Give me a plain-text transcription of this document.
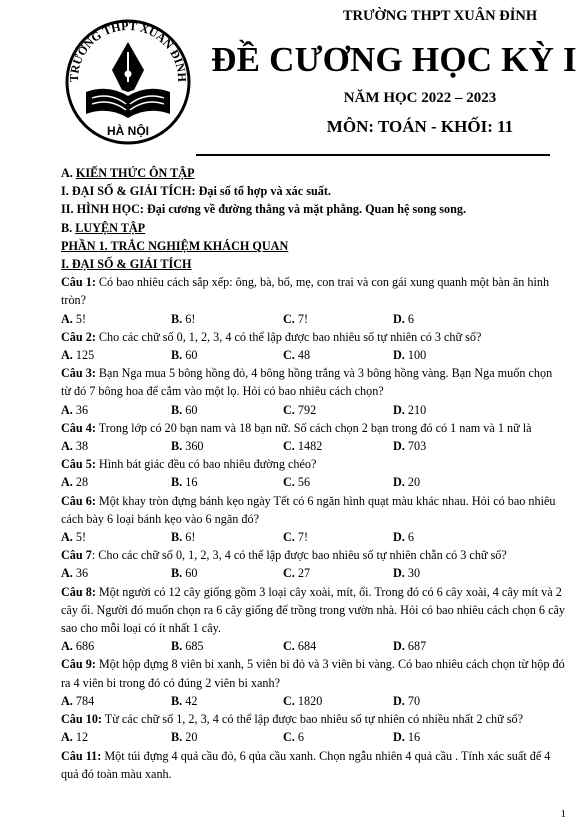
TRƯỜNG THPT XUÂN ĐỈNH
HÀ NỘI
TRƯỜNG THPT XUÂN ĐỈNH
ĐỀ CƯƠNG HỌC KỲ I
NĂM HỌC 2022 – 2023
MÔN: TOÁN - KHỐI: 11
A. KIẾN THỨC ÔN TẬP
I. ĐẠI SỐ & GIẢI TÍCH: Đại số tổ hợp và xác suất.
II. HÌNH HỌC: Đại cương về đường thẳng và mặt phẳng. Quan hệ song song.
B. LUYỆN TẬP
PHẦN 1. TRẮC NGHIỆM KHÁCH QUAN
I. ĐẠI SỐ & GIẢI TÍCH
Câu 1: Có bao nhiêu cách sắp xếp: ông, bà, bố, mẹ, con trai và con gái xung quanh một bàn ăn hình tròn?
A. 5!	B. 6!	C. 7!	D. 6
Câu 2: Cho các chữ số 0, 1, 2, 3, 4 có thể lập được bao nhiêu số tự nhiên có 3 chữ số?
A. 125	B. 60	C. 48	D. 100
Câu 3: Bạn Nga mua 5 bông hồng đỏ, 4 bông hồng trắng và 3 bông hồng vàng. Bạn Nga muốn chọn từ đó 7 bông hoa để cắm vào một lọ. Hỏi có bao nhiêu cách chọn?
A. 36	B. 60	C. 792	D. 210
Câu 4: Trong lớp có 20 bạn nam và 18 bạn nữ. Số cách chọn 2 bạn trong đó có 1 nam và 1 nữ là
A. 38	B. 360	C. 1482	D. 703
Câu 5: Hình bát giác đều có bao nhiêu đường chéo?
A. 28	B. 16	C. 56	D. 20
Câu 6: Một khay tròn đựng bánh kẹo ngày Tết có 6 ngăn hình quạt màu khác nhau. Hỏi có bao nhiêu cách bày 6 loại bánh kẹo vào 6 ngăn đó?
A. 5!	B. 6!	C. 7!	D. 6
Câu 7: Cho các chữ số 0, 1, 2, 3, 4 có thể lập được bao nhiêu số tự nhiên chẵn có 3 chữ số?
A. 36	B. 60	C. 27	D. 30
Câu 8: Một người có 12 cây giống gồm 3 loại cây xoài, mít, ổi. Trong đó có 6 cây xoài, 4 cây mít và 2 cây ổi. Người đó muốn chọn ra 6 cây giống để trồng trong vườn nhà. Hỏi có bao nhiêu cách chọn 6 cây sao cho mỗi loại có ít nhất 1 cây.
A. 686	B. 685	C. 684	D. 687
Câu 9: Một hộp đựng 8 viên bi xanh, 5 viên bi đỏ và 3 viên bi vàng. Có bao nhiêu cách chọn từ hộp đó ra 4 viên bi trong đó có đúng 2 viên bi xanh?
A. 784	B. 42	C. 1820	D. 70
Câu 10: Từ các chữ số 1, 2, 3, 4 có thể lập được bao nhiêu số tự nhiên có nhiều nhất 2 chữ số?
A. 12	B. 20	C. 6	D. 16
Câu 11: Một túi đựng 4 quả cầu đỏ, 6 qủa cầu xanh. Chọn ngẫu nhiên 4 quả cầu . Tính xác suất để 4 quả đó toàn màu xanh.
1
